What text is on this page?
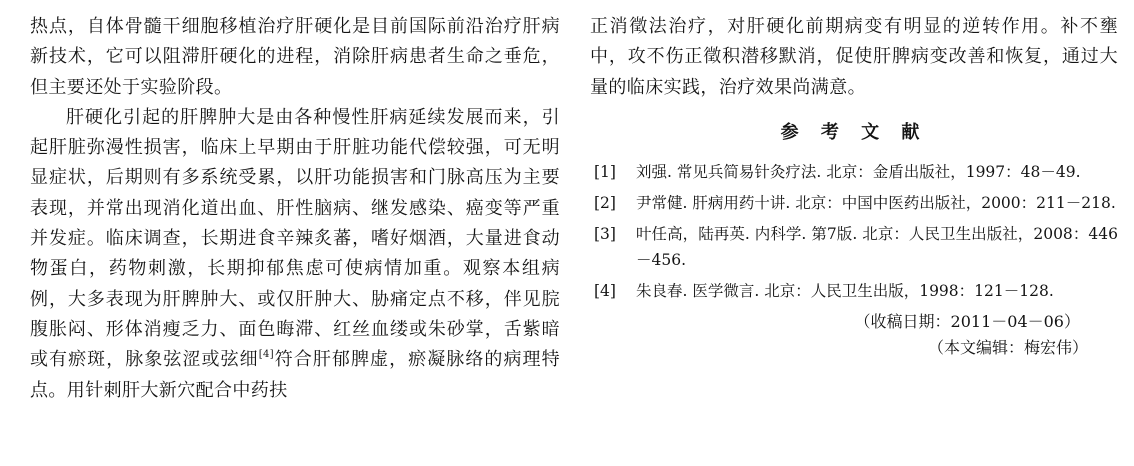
热点，自体骨髓干细胞移植治疗肝硬化是目前国际前沿治疗肝病新技术，它可以阻滞肝硬化的进程，消除肝病患者生命之垂危，但主要还处于实验阶段。

肝硬化引起的肝脾肿大是由各种慢性肝病延续发展而来，引起肝脏弥漫性损害，临床上早期由于肝脏功能代偿较强，可无明显症状，后期则有多系统受累，以肝功能损害和门脉高压为主要表现，并常出现消化道出血、肝性脑病、继发感染、癌变等严重并发症。临床调查，长期进食辛辣炙蕃，嗜好烟酒，大量进食动物蛋白，药物刺激，长期抑郁焦虑可使病情加重。观察本组病例，大多表现为肝脾肿大、或仅肝肿大、胁痛定点不移，伴见脘腹胀闷、形体消瘦乏力、面色晦滞、红丝血缕或朱砂掌，舌紫暗或有瘀斑，脉象弦涩或弦细[4]符合肝郁脾虚，瘀凝脉络的病理特点。用针刺肝大新穴配合中药扶

正消徵法治疗，对肝硬化前期病变有明显的逆转作用。补不壅中，攻不伤正徵积潜移默消，促使肝脾病变改善和恢复，通过大量的临床实践，治疗效果尚满意。

参 考 文 献
[1] 刘强. 常见兵简易针灸疗法. 北京：金盾出版社，1997：48－49.
[2] 尹常健. 肝病用药十讲. 北京：中国中医药出版社，2000：211－218.
[3] 叶任高，陆再英. 内科学. 第7版. 北京：人民卫生出版社，2008：446－456.
[4] 朱良春. 医学微言. 北京：人民卫生出版，1998：121－128.
（收稿日期：2011－04－06）
（本文编辑：梅宏伟）
